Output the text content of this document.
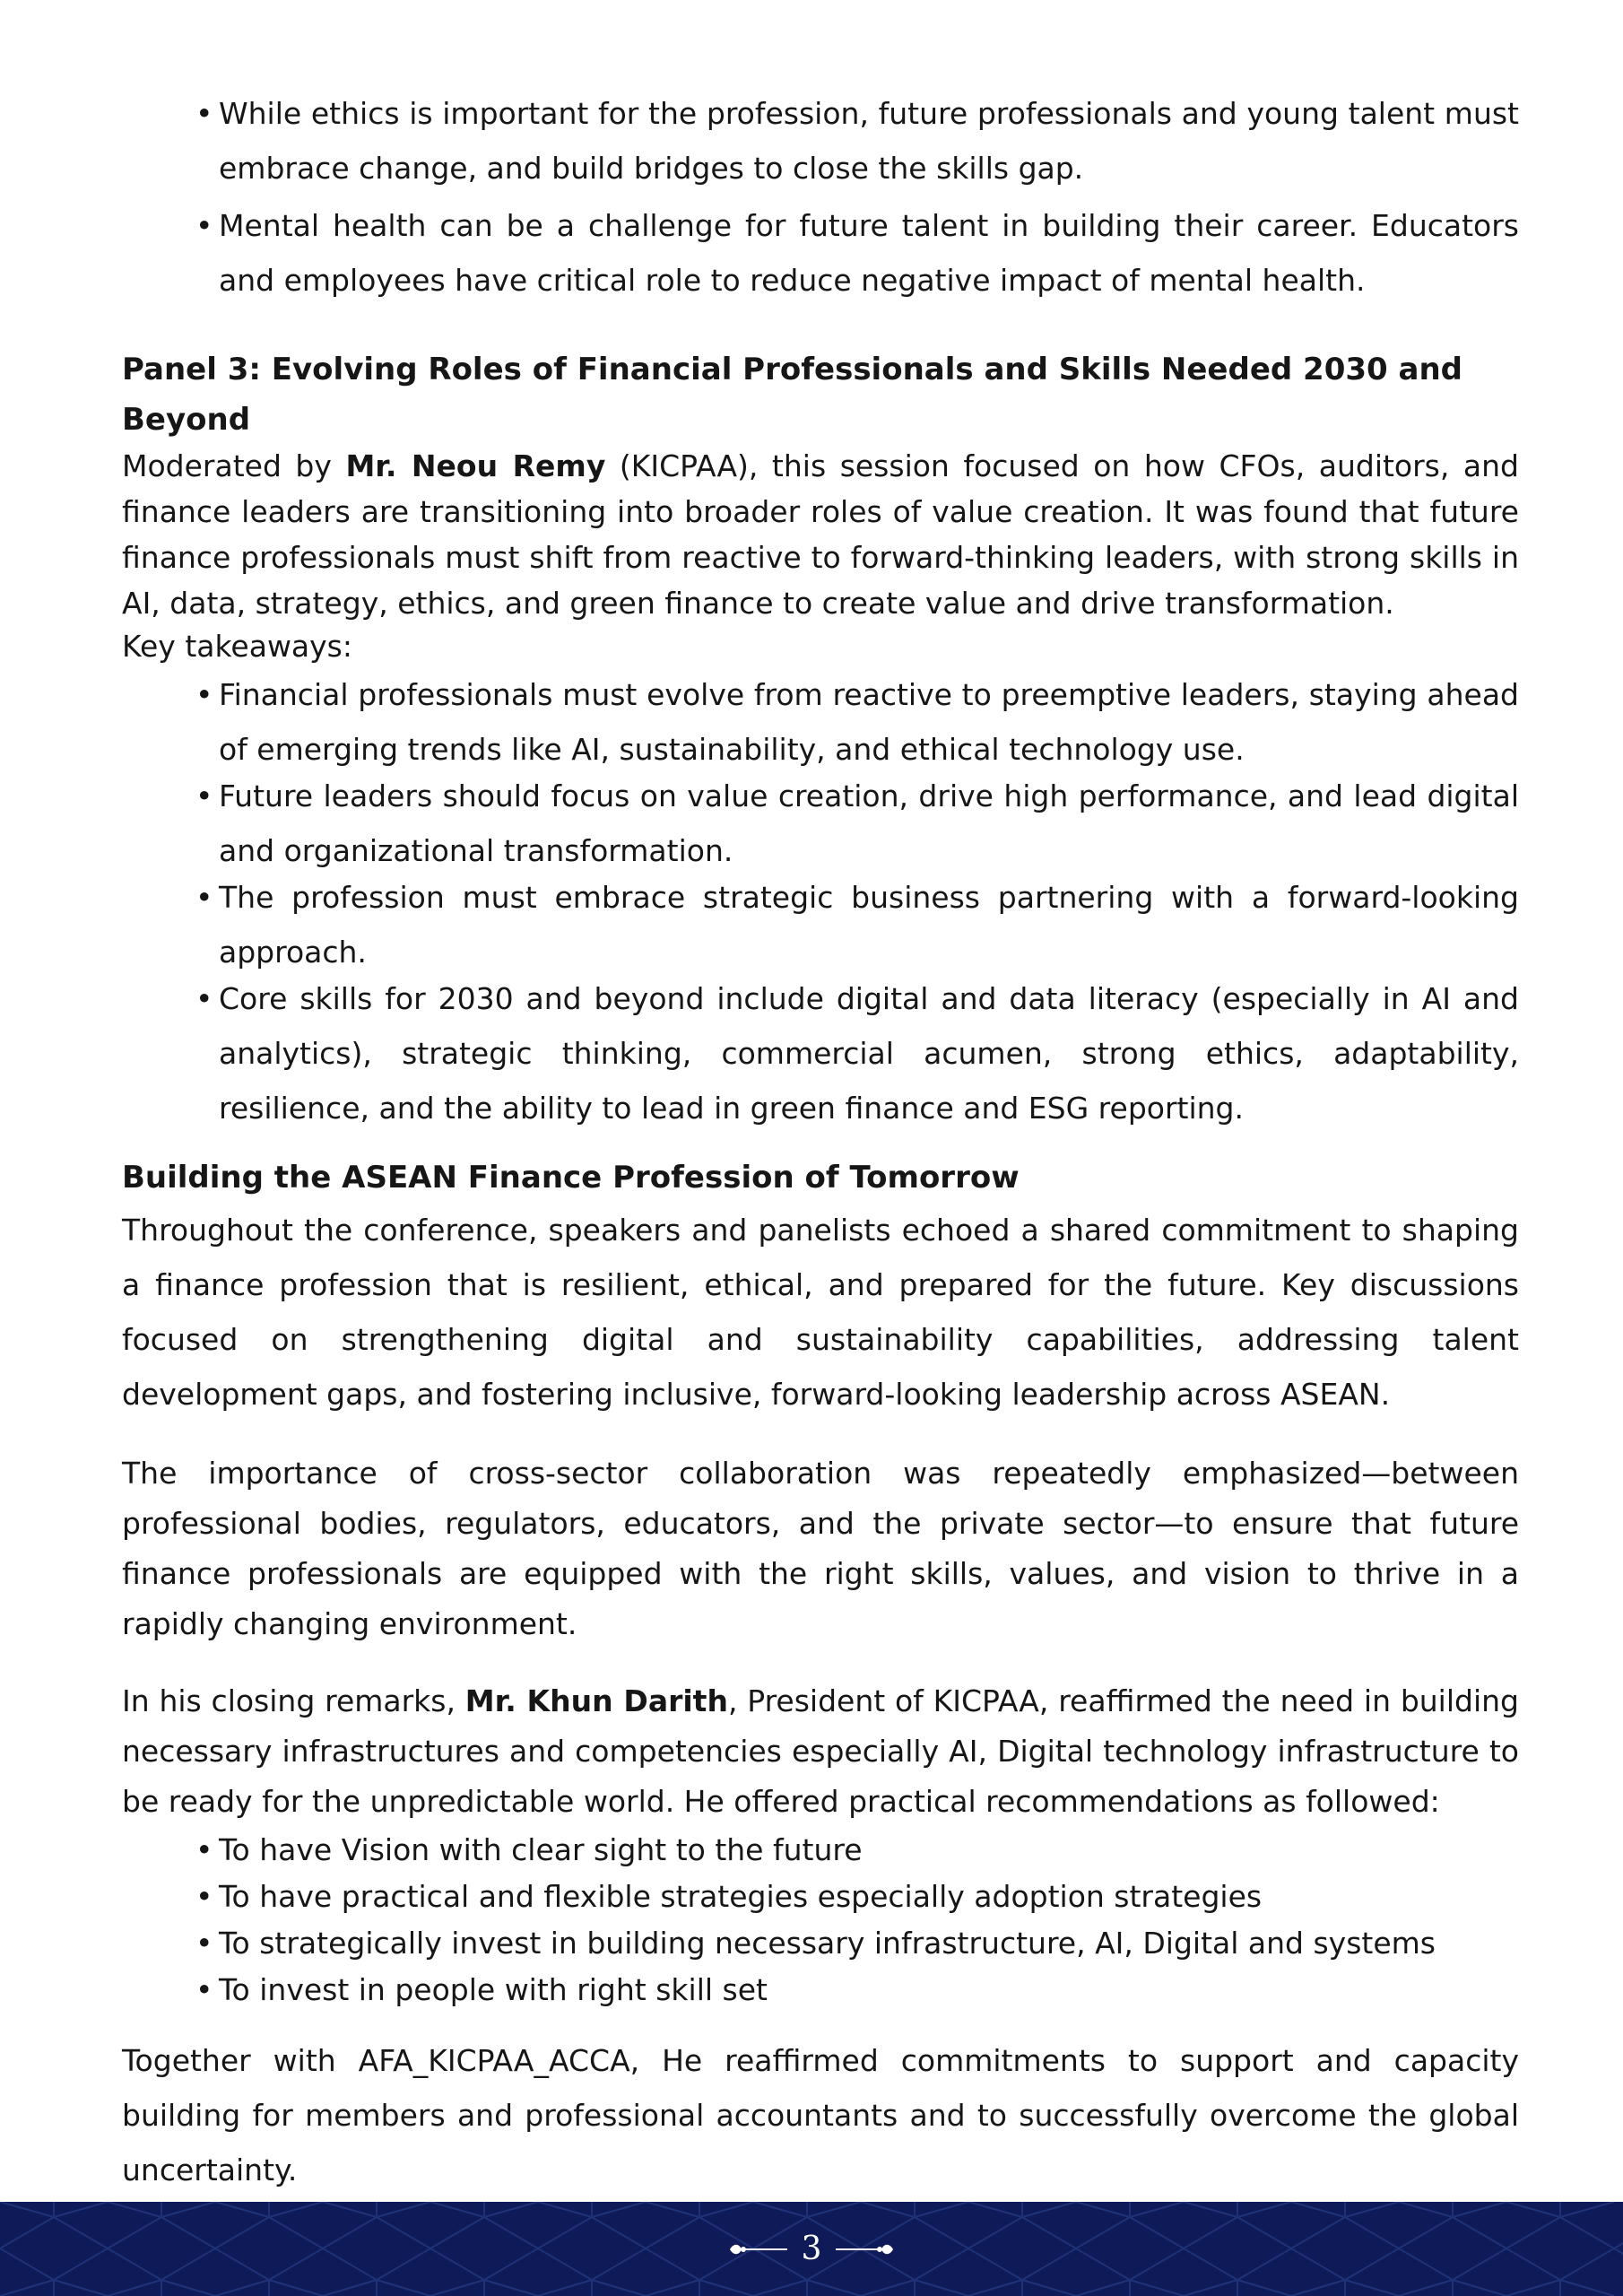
• While ethics is important for the profession, future professionals and young talent must embrace change, and build bridges to close the skills gap.
• Mental health can be a challenge for future talent in building their career. Educators and employees have critical role to reduce negative impact of mental health.
Panel 3: Evolving Roles of Financial Professionals and Skills Needed 2030 and Beyond

Moderated by Mr. Neou Remy (KICPAA), this session focused on how CFOs, auditors, and finance leaders are transitioning into broader roles of value creation. It was found that future finance professionals must shift from reactive to forward-thinking leaders, with strong skills in AI, data, strategy, ethics, and green finance to create value and drive transformation.

Key takeaways:

• Financial professionals must evolve from reactive to preemptive leaders, staying ahead of emerging trends like AI, sustainability, and ethical technology use.
• Future leaders should focus on value creation, drive high performance, and lead digital and organizational transformation.
• The profession must embrace strategic business partnering with a forward-looking approach.
• Core skills for 2030 and beyond include digital and data literacy (especially in AI and analytics), strategic thinking, commercial acumen, strong ethics, adaptability, resilience, and the ability to lead in green finance and ESG reporting.
Building the ASEAN Finance Profession of Tomorrow

Throughout the conference, speakers and panelists echoed a shared commitment to shaping a finance profession that is resilient, ethical, and prepared for the future. Key discussions focused on strengthening digital and sustainability capabilities, addressing talent development gaps, and fostering inclusive, forward-looking leadership across ASEAN.

The importance of cross-sector collaboration was repeatedly emphasized—between professional bodies, regulators, educators, and the private sector—to ensure that future finance professionals are equipped with the right skills, values, and vision to thrive in a rapidly changing environment.

In his closing remarks, Mr. Khun Darith, President of KICPAA, reaffirmed the need in building necessary infrastructures and competencies especially AI, Digital technology infrastructure to be ready for the unpredictable world. He offered practical recommendations as followed:

• To have Vision with clear sight to the future
• To have practical and flexible strategies especially adoption strategies
• To strategically invest in building necessary infrastructure, AI, Digital and systems
• To invest in people with right skill set

Together with AFA_KICPAA_ACCA, He reaffirmed commitments to support and capacity building for members and professional accountants and to successfully overcome the global uncertainty.

3
